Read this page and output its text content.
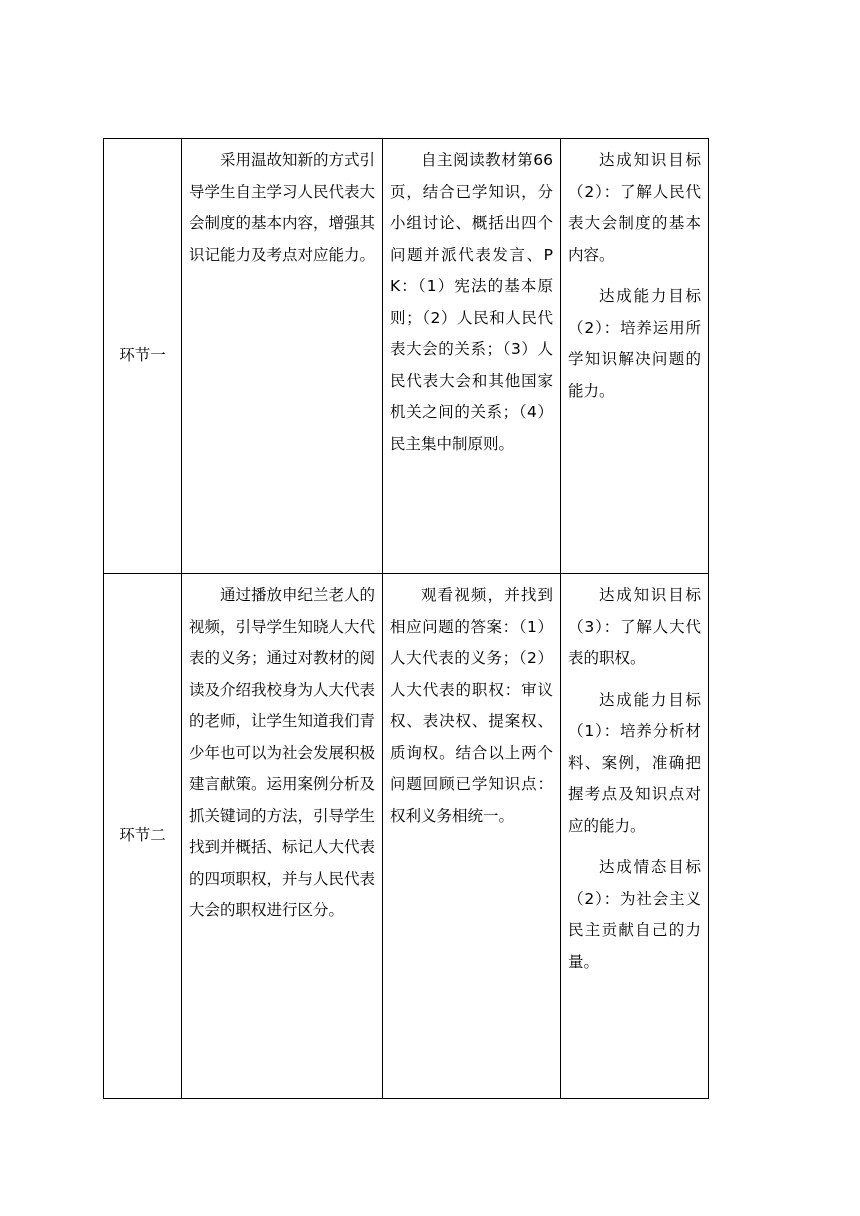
环节一	采用温故知新的方式引导学生自主学习人民代表大会制度的基本内容，增强其识记能力及考点对应能力。	自主阅读教材第66页，结合已学知识，分小组讨论、概括出四个问题并派代表发言、PK：（1）宪法的基本原则；（2）人民和人民代表大会的关系；（3）人民代表大会和其他国家机关之间的关系；（4）民主集中制原则。	达成知识目标（2）：了解人民代表大会制度的基本内容。

达成能力目标（2）：培养运用所学知识解决问题的能力。

环节二	通过播放申纪兰老人的视频，引导学生知晓人大代表的义务；通过对教材的阅读及介绍我校身为人大代表的老师，让学生知道我们青少年也可以为社会发展积极建言献策。运用案例分析及抓关键词的方法，引导学生找到并概括、标记人大代表的四项职权，并与人民代表大会的职权进行区分。	观看视频，并找到相应问题的答案：（1）人大代表的义务；（2）人大代表的职权：审议权、表决权、提案权、质询权。结合以上两个问题回顾已学知识点：权利义务相统一。	达成知识目标（3）：了解人大代表的职权。

达成能力目标（1）：培养分析材料、案例，准确把握考点及知识点对应的能力。

达成情态目标（2）：为社会主义民主贡献自己的力量。
